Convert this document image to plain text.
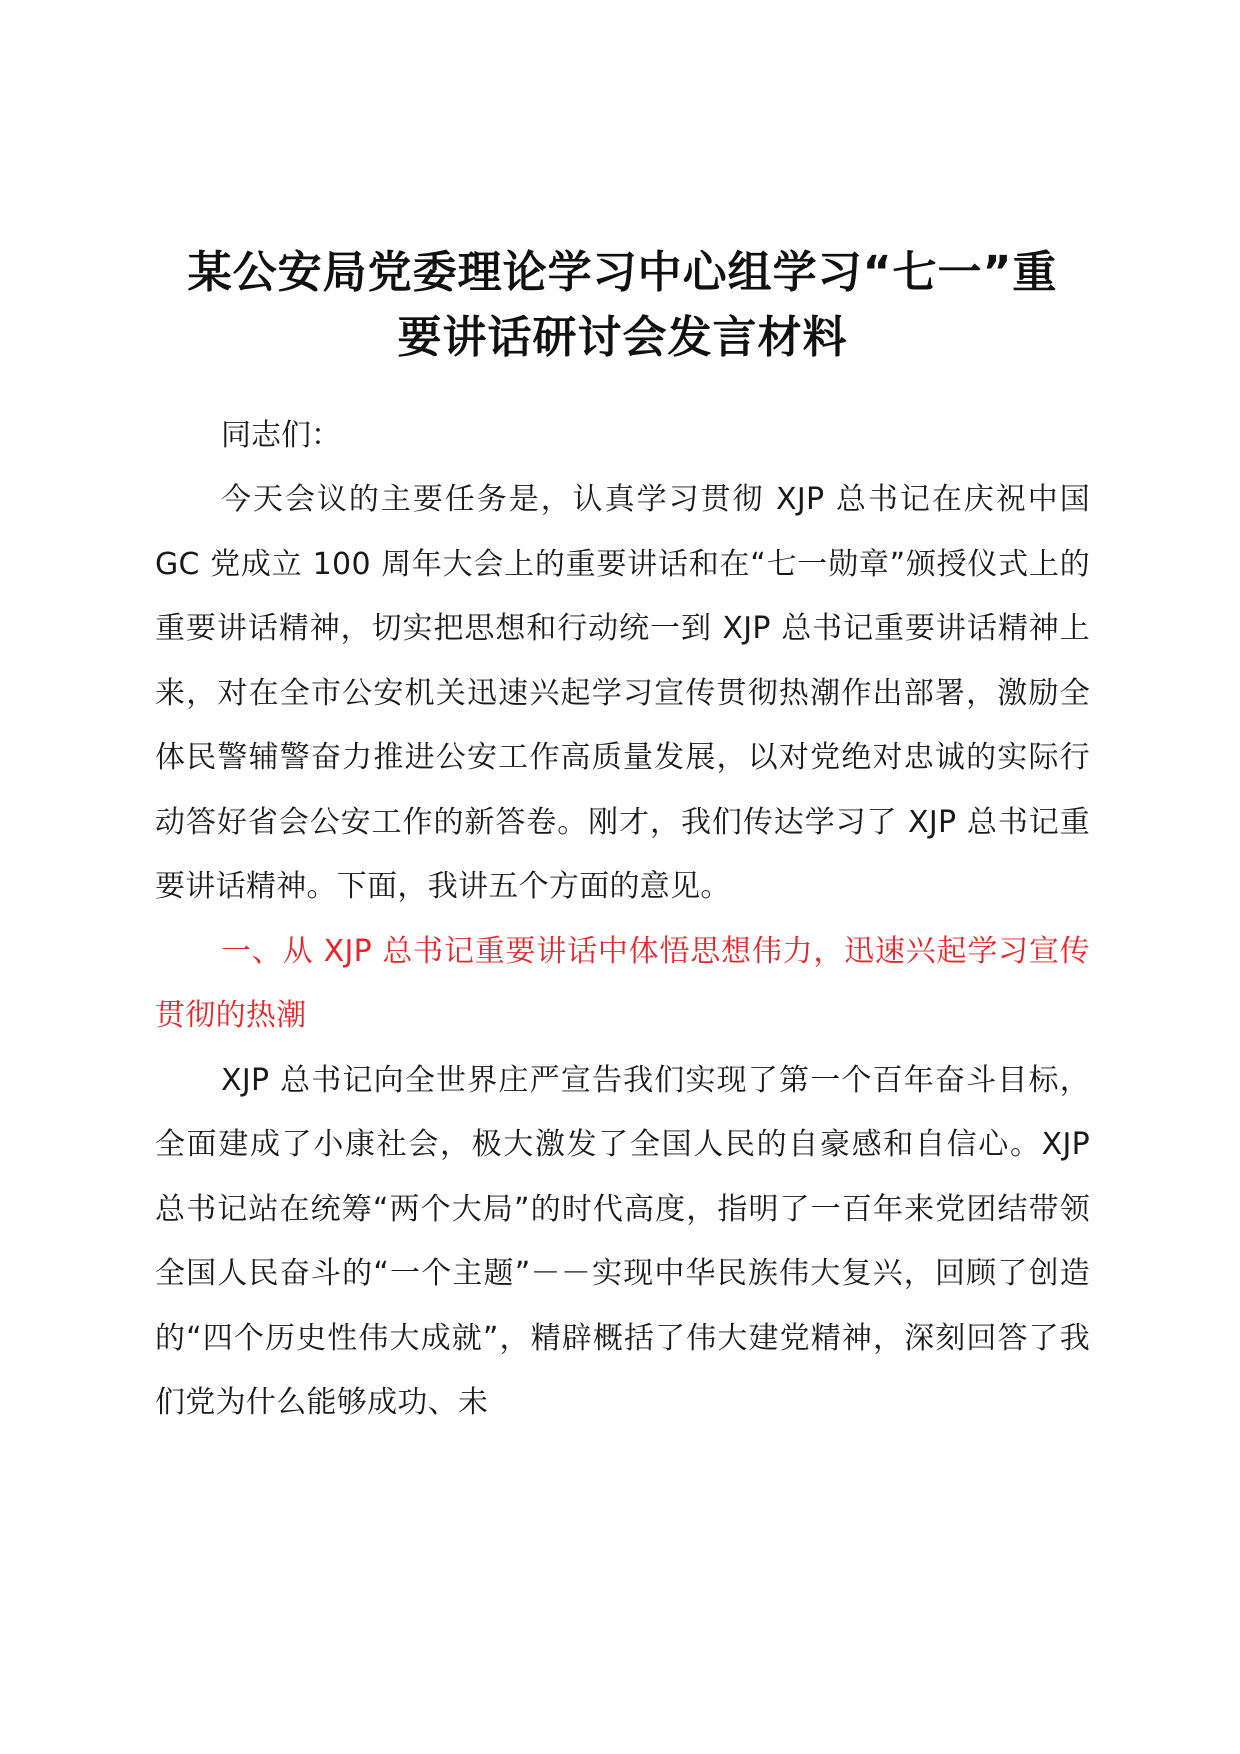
某公安局党委理论学习中心组学习“七一”重
要讲话研讨会发言材料

同志们：

今天会议的主要任务是，认真学习贯彻 XJP 总书记在庆祝中国 GC 党成立 100 周年大会上的重要讲话和在“七一勋章”颁授仪式上的重要讲话精神，切实把思想和行动统一到 XJP 总书记重要讲话精神上来，对在全市公安机关迅速兴起学习宣传贯彻热潮作出部署，激励全体民警辅警奋力推进公安工作高质量发展，以对党绝对忠诚的实际行动答好省会公安工作的新答卷。刚才，我们传达学习了 XJP 总书记重要讲话精神。下面，我讲五个方面的意见。

一、从 XJP 总书记重要讲话中体悟思想伟力，迅速兴起学习宣传贯彻的热潮

XJP 总书记向全世界庄严宣告我们实现了第一个百年奋斗目标，全面建成了小康社会，极大激发了全国人民的自豪感和自信心。XJP 总书记站在统筹“两个大局”的时代高度，指明了一百年来党团结带领全国人民奋斗的“一个主题”－－实现中华民族伟大复兴，回顾了创造的“四个历史性伟大成就”，精辟概括了伟大建党精神，深刻回答了我们党为什么能够成功、未
